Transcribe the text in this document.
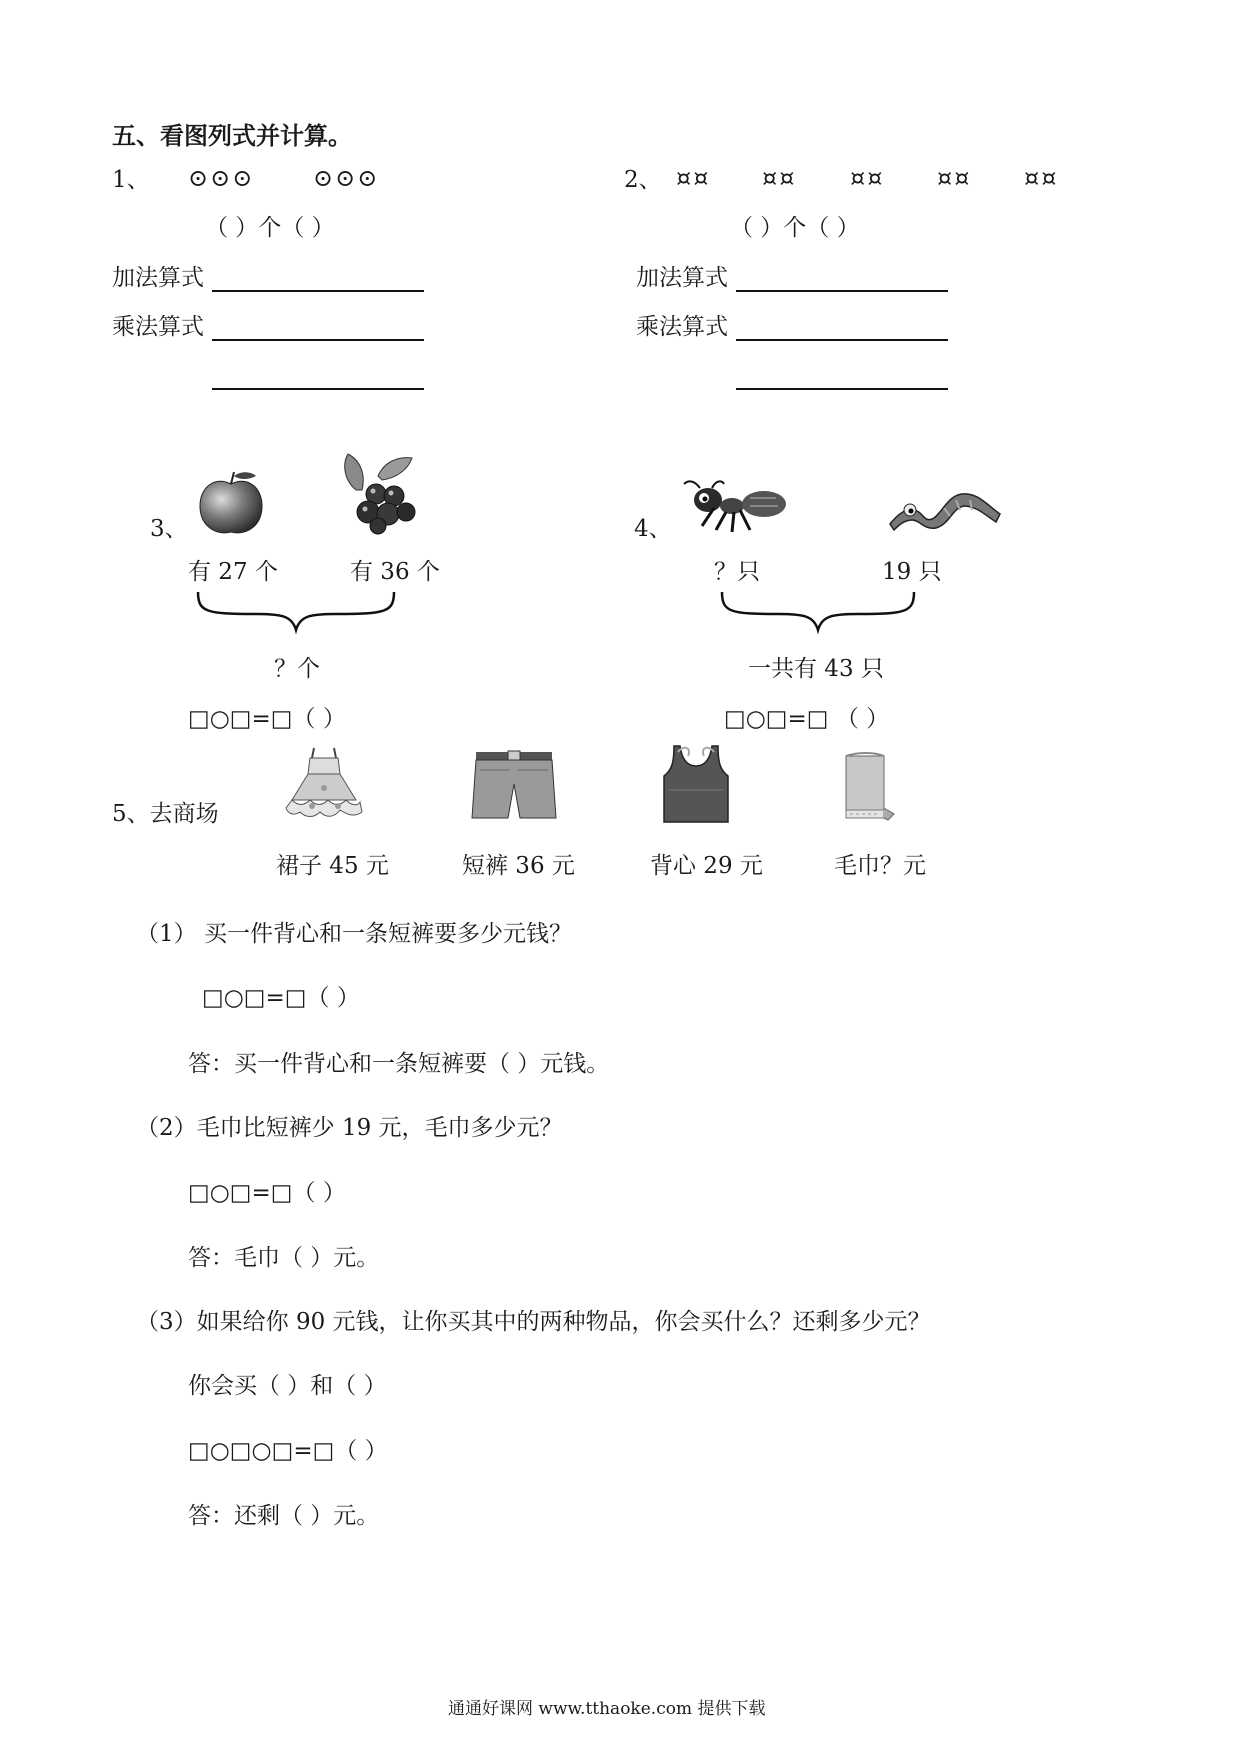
五、看图列式并计算。
1、 ⊙⊙⊙ ⊙⊙⊙
（ ）个（ ）
加法算式
乘法算式
2、 ¤¤ ¤¤ ¤¤ ¤¤ ¤¤
（ ）个（ ）
加法算式
乘法算式
3、
有 27 个	有 36 个
？个
□○□=□（ ）
4、
？只	19 只
一共有 43 只
□○□=□ （ ）
5、去商场
裙子 45 元	短裤 36 元	背心 29 元	毛巾？元
（1） 买一件背心和一条短裤要多少元钱？
□○□=□（ ）
答：买一件背心和一条短裤要（ ）元钱。
（2）毛巾比短裤少 19 元，毛巾多少元？
□○□=□（ ）
答：毛巾（ ）元。
（3）如果给你 90 元钱，让你买其中的两种物品，你会买什么？还剩多少元？
你会买（ ）和（ ）
□○□○□=□（ ）
答：还剩（ ）元。
通通好课网 www.tthaoke.com 提供下载
